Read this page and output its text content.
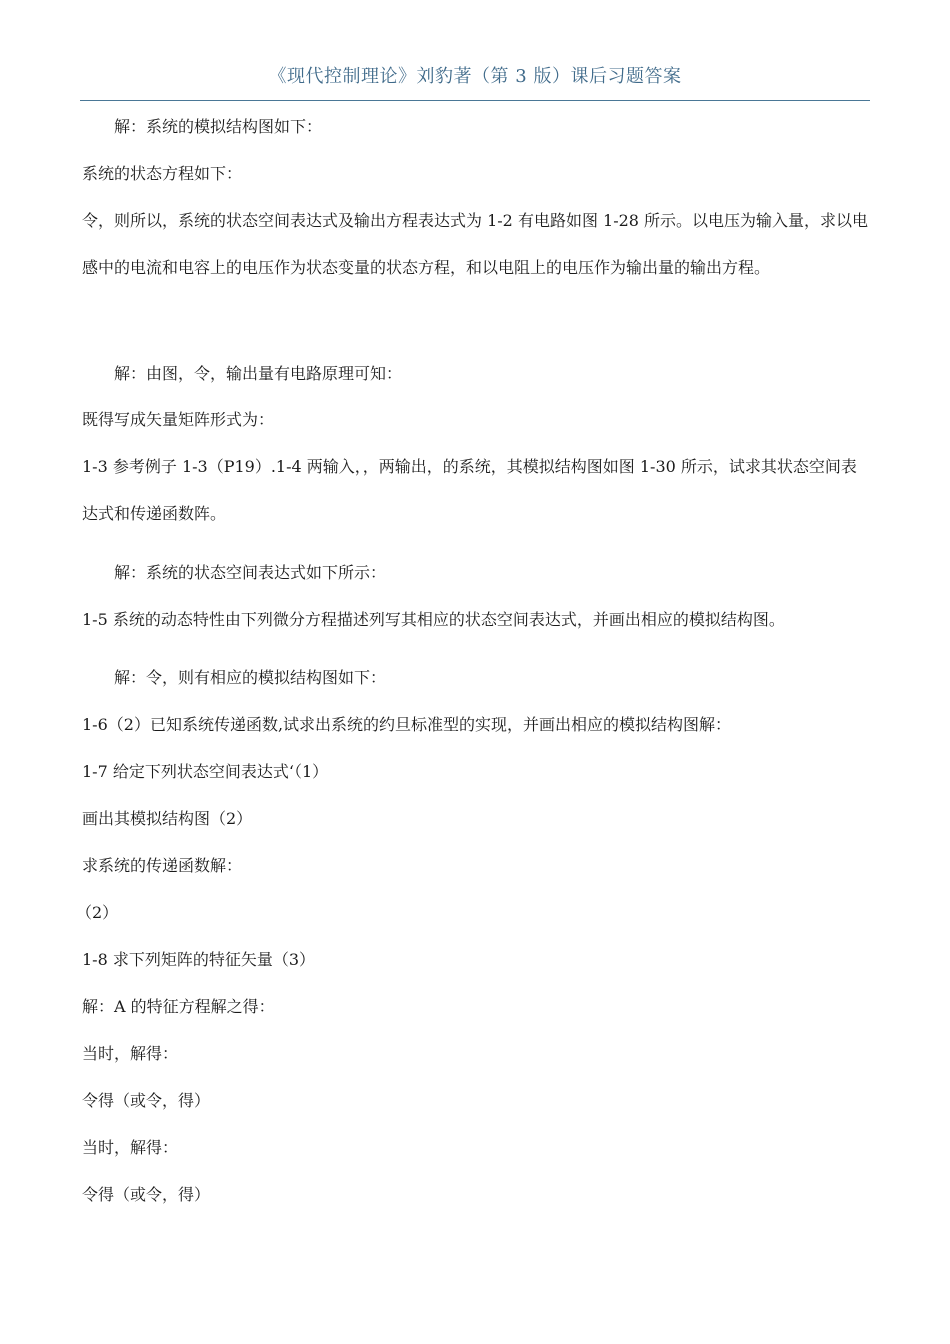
《现代控制理论》刘豹著（第 3 版）课后习题答案
解：系统的模拟结构图如下：
系统的状态方程如下：
令，则所以，系统的状态空间表达式及输出方程表达式为 1-2 有电路如图 1-28 所示。以电压为输入量，求以电感中的电流和电容上的电压作为状态变量的状态方程，和以电阻上的电压作为输出量的输出方程。
解：由图，令，输出量有电路原理可知：
既得写成矢量矩阵形式为：
1-3 参考例子 1-3（P19）.1-4 两输入，，两输出，的系统，其模拟结构图如图 1-30 所示，试求其状态空间表达式和传递函数阵。
解：系统的状态空间表达式如下所示：
1-5 系统的动态特性由下列微分方程描述列写其相应的状态空间表达式，并画出相应的模拟结构图。
解：令，则有相应的模拟结构图如下：
1-6（2）已知系统传递函数,试求出系统的约旦标准型的实现，并画出相应的模拟结构图解：
1-7 给定下列状态空间表达式‘（1）
画出其模拟结构图（2）
求系统的传递函数解：
（2）
1-8 求下列矩阵的特征矢量（3）
解：A 的特征方程解之得：
当时，解得：
令得（或令，得）
当时，解得：
令得（或令，得）
